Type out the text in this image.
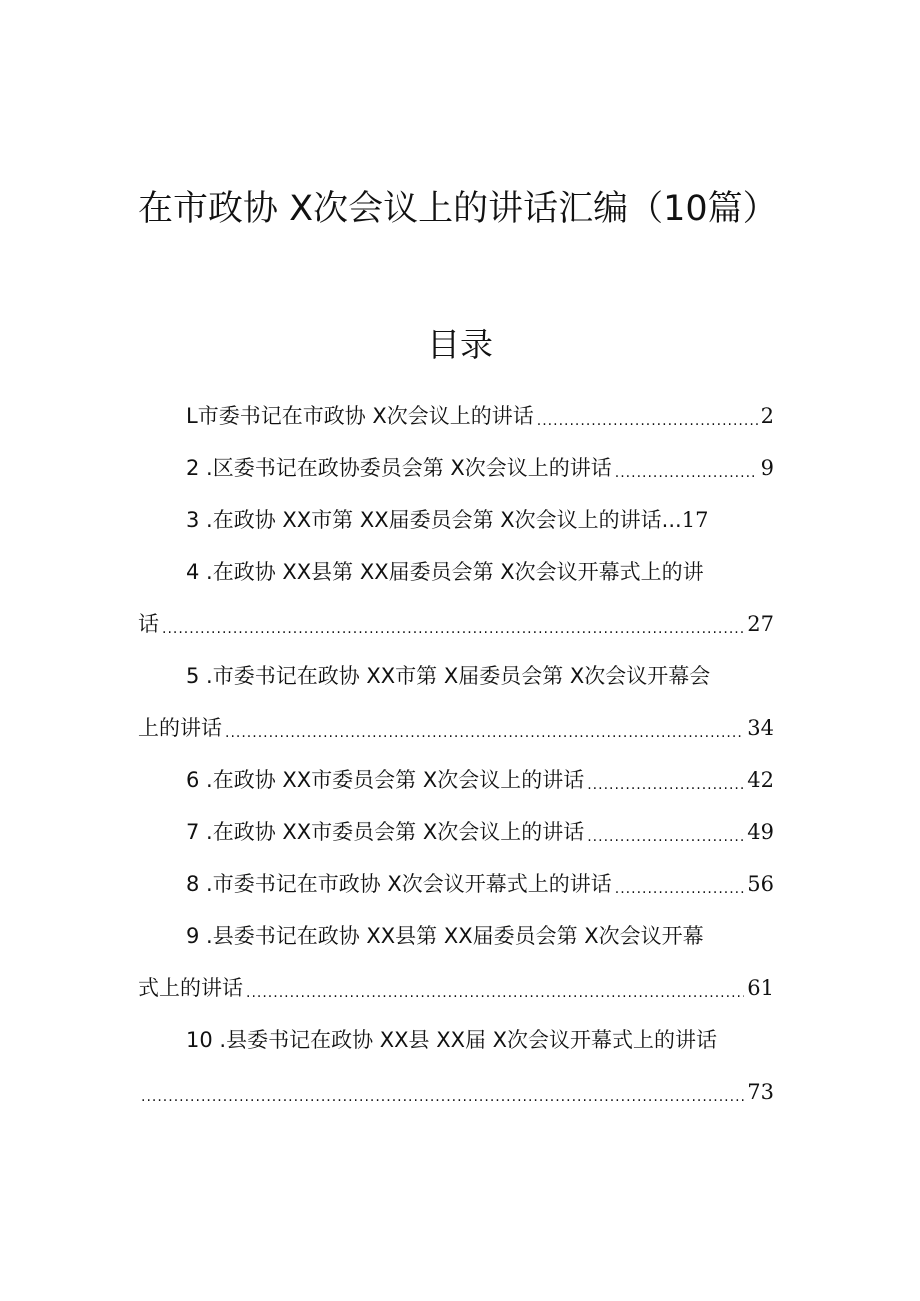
在市政协 X次会议上的讲话汇编（10篇）
目录
L市委书记在市政协 X次会议上的讲话 .....	2
2 .区委书记在政协委员会第 X次会议上的讲话 .....	9
3 .在政协 XX市第 XX届委员会第 X次会议上的讲话... 17
4 .在政协 XX县第 XX届委员会第 X次会议开幕式上的讲
话 .....	27
5 .市委书记在政协 XX市第 X届委员会第 X次会议开幕会
上的讲话 .....	34
6 .在政协 XX市委员会第 X次会议上的讲话 .....	42
7 .在政协 XX市委员会第 X次会议上的讲话 .....	49
8 .市委书记在市政协 X次会议开幕式上的讲话 .....	56
9 .县委书记在政协 XX县第 XX届委员会第 X次会议开幕
式上的讲话 .....	61
10 .县委书记在政协 XX县 XX届 X次会议开幕式上的讲话
.....
73
